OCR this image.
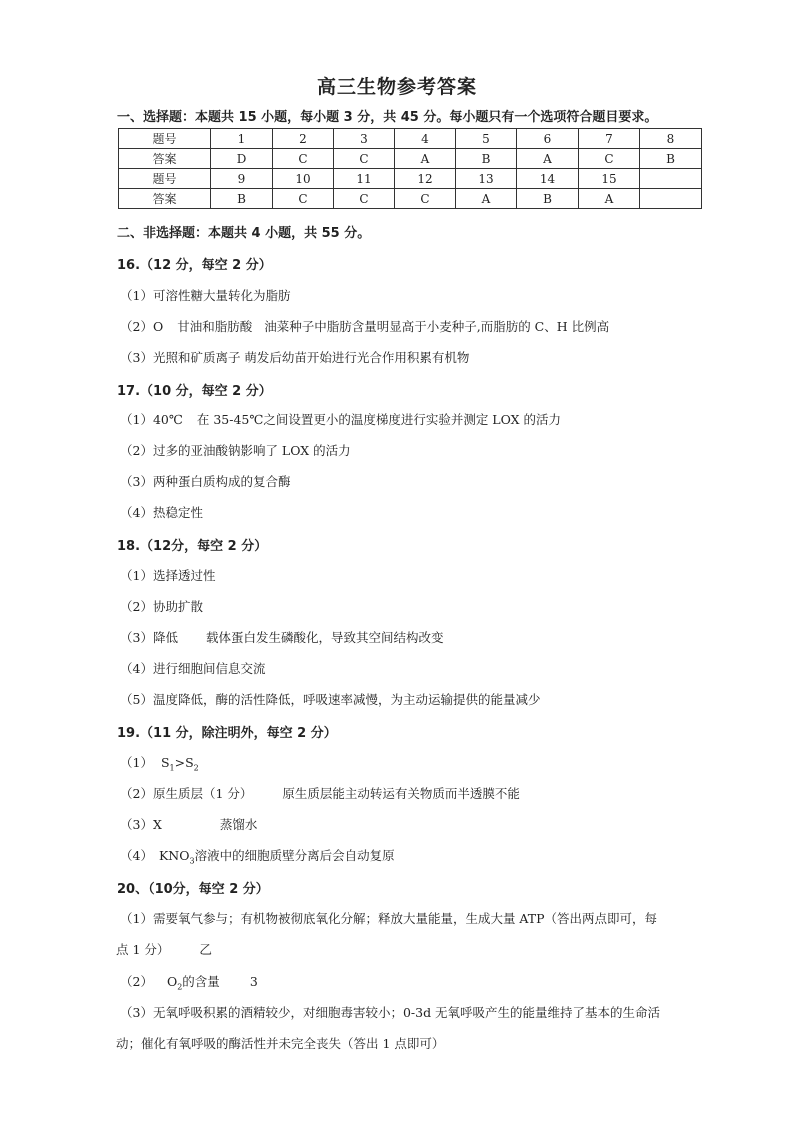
高三生物参考答案
一、选择题：本题共 15 小题，每小题 3 分，共 45 分。每小题只有一个选项符合题目要求。
题号	1	2	3	4	5	6	7	8
答案	D	C	C	A	B	A	C	B
题号	9	10	11	12	13	14	15	
答案	B	C	C	C	A	B	A	
二、非选择题：本题共 4 小题，共 55 分。
16.（12 分，每空 2 分）
（1）可溶性糖大量转化为脂肪
（2）O 甘油和脂肪酸 油菜种子中脂肪含量明显高于小麦种子,而脂肪的 C、H 比例高
（3）光照和矿质离子 萌发后幼苗开始进行光合作用积累有机物
17.（10 分，每空 2 分）
（1）40℃ 在 35-45℃之间设置更小的温度梯度进行实验并测定 LOX 的活力
（2）过多的亚油酸钠影响了 LOX 的活力
（3）两种蛋白质构成的复合酶
（4）热稳定性
18.（12分，每空 2 分）
（1）选择透过性
（2）协助扩散
（3）降低 载体蛋白发生磷酸化，导致其空间结构改变
（4）进行细胞间信息交流
（5）温度降低，酶的活性降低，呼吸速率减慢，为主动运输提供的能量减少
19.（11 分，除注明外，每空 2 分）
（1） $S_1>S_2$
（2）原生质层（1 分） 原生质层能主动转运有关物质而半透膜不能
（3）X	蒸馏水
（4） $KNO_3$溶液中的细胞质壁分离后会自动复原
20、（10分，每空 2 分）
（1）需要氧气参与；有机物被彻底氧化分解；释放大量能量，生成大量 ATP（答出两点即可，每
点 1 分） 乙
（2） $O_2$的含量 3
（3）无氧呼吸积累的酒精较少，对细胞毒害较小；0-3d 无氧呼吸产生的能量维持了基本的生命活
动；催化有氧呼吸的酶活性并未完全丧失（答出 1 点即可）
